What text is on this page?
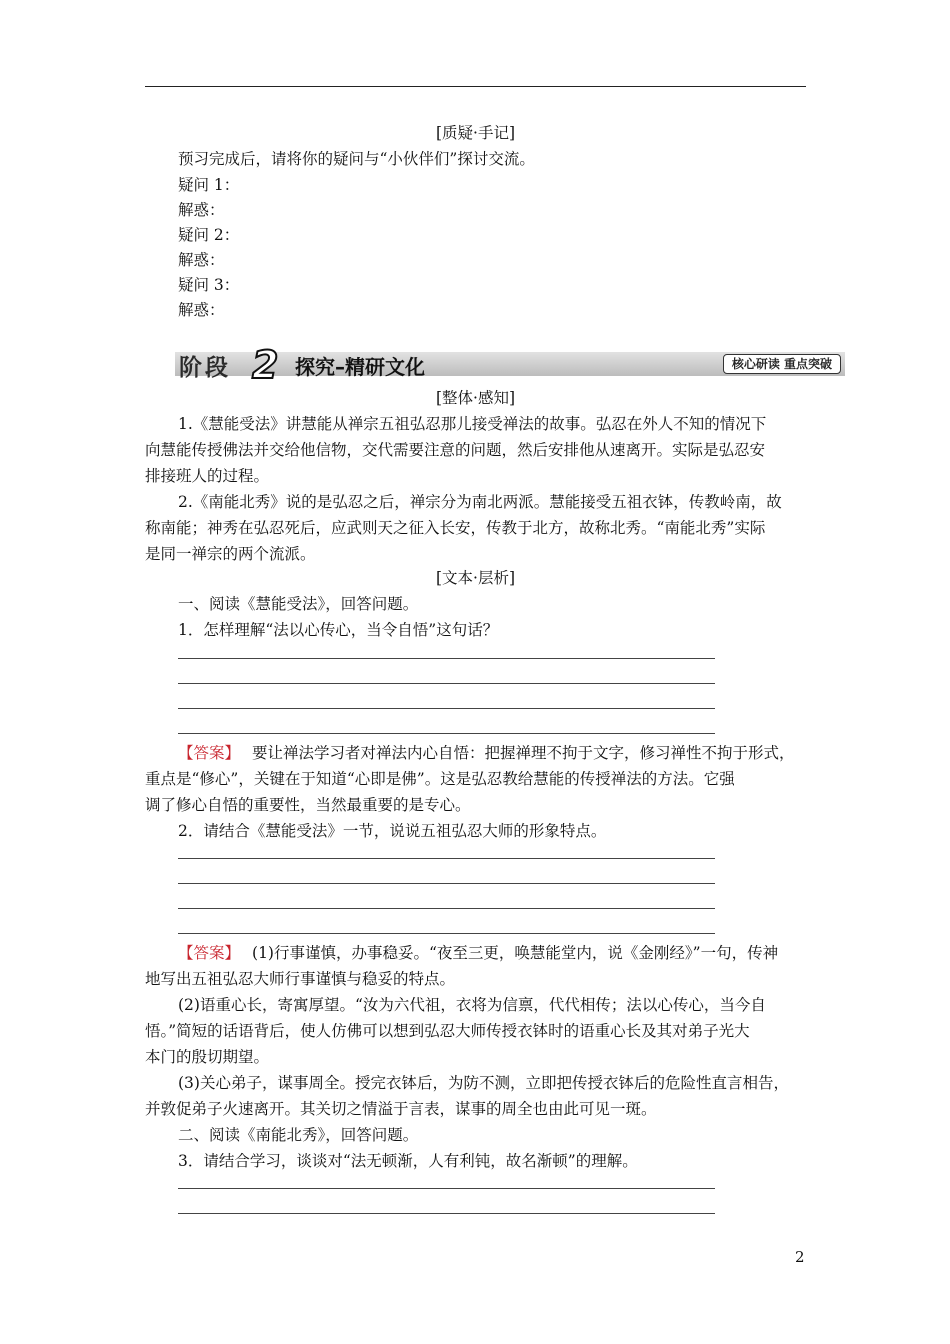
[质疑·手记]
预习完成后，请将你的疑问与“小伙伴们”探讨交流。
疑问 1：
解惑：
疑问 2：
解惑：
疑问 3：
解惑：
阶段 2 探究–精研文化	核心研读 重点突破
[整体·感知]
1.《慧能受法》讲慧能从禅宗五祖弘忍那儿接受禅法的故事。弘忍在外人不知的情况下
向慧能传授佛法并交给他信物，交代需要注意的问题，然后安排他从速离开。实际是弘忍安
排接班人的过程。
2.《南能北秀》说的是弘忍之后，禅宗分为南北两派。慧能接受五祖衣钵，传教岭南，故
称南能；神秀在弘忍死后，应武则天之征入长安，传教于北方，故称北秀。“南能北秀”实际
是同一禅宗的两个流派。
[文本·层析]
一、阅读《慧能受法》，回答问题。
1．怎样理解“法以心传心，当令自悟”这句话？
【答案】 要让禅法学习者对禅法内心自悟：把握禅理不拘于文字，修习禅性不拘于形式，
重点是“修心”，关键在于知道“心即是佛”。这是弘忍教给慧能的传授禅法的方法。它强
调了修心自悟的重要性，当然最重要的是专心。
2．请结合《慧能受法》一节，说说五祖弘忍大师的形象特点。
【答案】 (1)行事谨慎，办事稳妥。“夜至三更，唤慧能堂内，说《金刚经》”一句，传神
地写出五祖弘忍大师行事谨慎与稳妥的特点。
(2)语重心长，寄寓厚望。“汝为六代祖，衣将为信禀，代代相传；法以心传心，当今自
悟。”简短的话语背后，使人仿佛可以想到弘忍大师传授衣钵时的语重心长及其对弟子光大
本门的殷切期望。
(3)关心弟子，谋事周全。授完衣钵后，为防不测，立即把传授衣钵后的危险性直言相告，
并敦促弟子火速离开。其关切之情溢于言表，谋事的周全也由此可见一斑。
二、阅读《南能北秀》，回答问题。
3．请结合学习，谈谈对“法无顿渐，人有利钝，故名渐顿”的理解。
2
